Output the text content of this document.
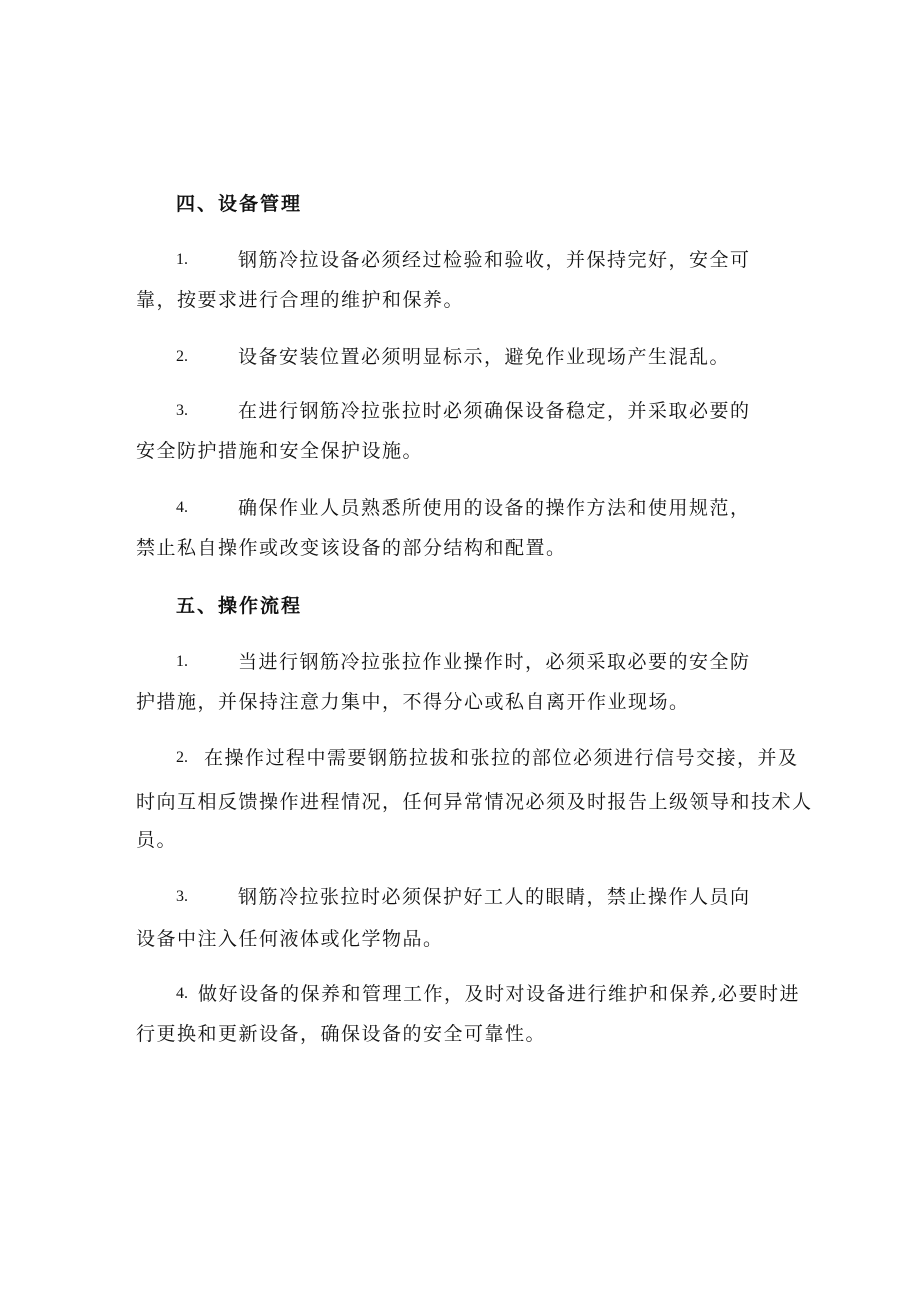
四、设备管理
1.	钢筋冷拉设备必须经过检验和验收，并保持完好，安全可
靠，按要求进行合理的维护和保养。
2.	设备安装位置必须明显标示，避免作业现场产生混乱。
3.	在进行钢筋冷拉张拉时必须确保设备稳定，并采取必要的
安全防护措施和安全保护设施。
4.	确保作业人员熟悉所使用的设备的操作方法和使用规范，
禁止私自操作或改变该设备的部分结构和配置。
五、操作流程
1.	当进行钢筋冷拉张拉作业操作时，必须采取必要的安全防
护措施，并保持注意力集中，不得分心或私自离开作业现场。
2. 在操作过程中需要钢筋拉拔和张拉的部位必须进行信号交接，并及
时向互相反馈操作进程情况，任何异常情况必须及时报告上级领导和技术人
员。
3.	钢筋冷拉张拉时必须保护好工人的眼睛，禁止操作人员向
设备中注入任何液体或化学物品。
4. 做好设备的保养和管理工作，及时对设备进行维护和保养,必要时进
行更换和更新设备，确保设备的安全可靠性。
